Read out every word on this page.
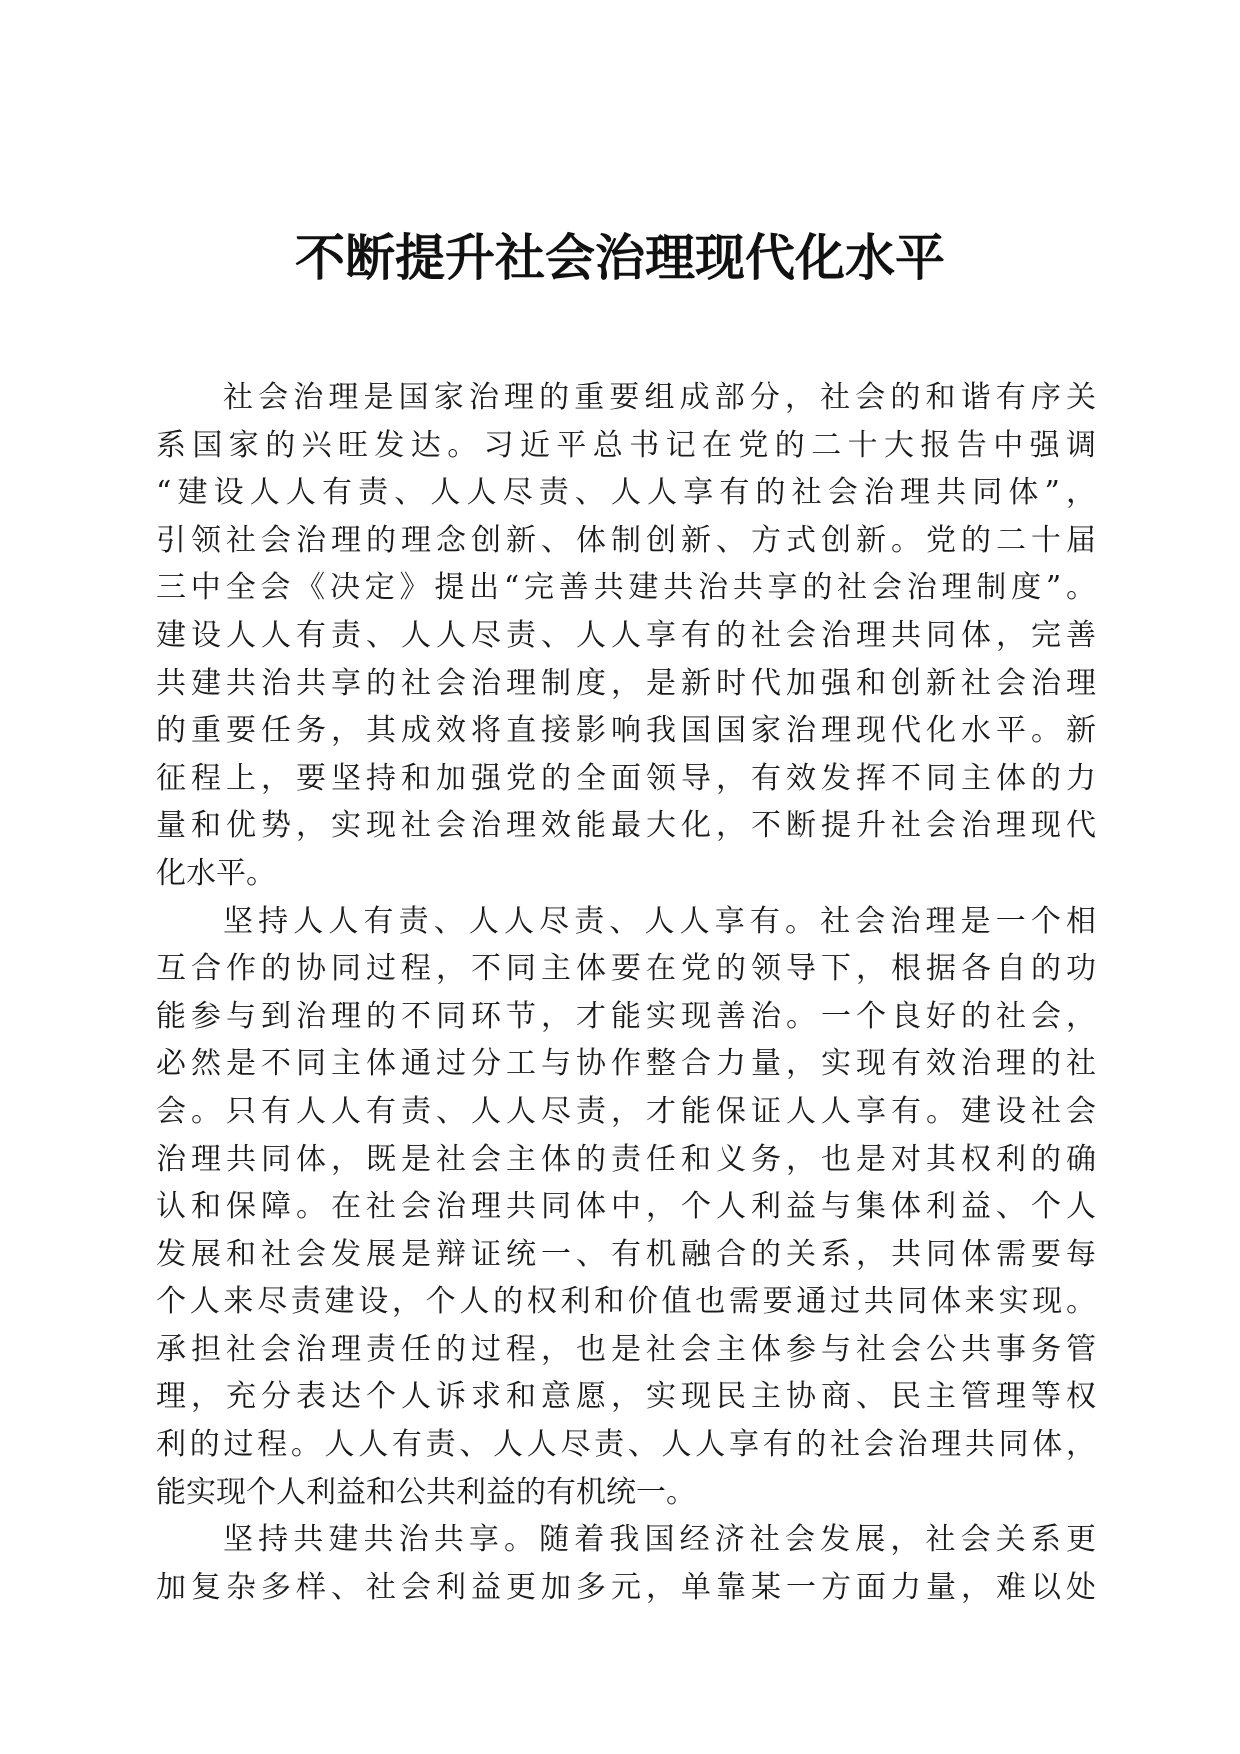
不断提升社会治理现代化水平
社会治理是国家治理的重要组成部分，社会的和谐有序关
系国家的兴旺发达。习近平总书记在党的二十大报告中强调
“建设人人有责、人人尽责、人人享有的社会治理共同体”，
引领社会治理的理念创新、体制创新、方式创新。党的二十届
三中全会《决定》提出“完善共建共治共享的社会治理制度”。
建设人人有责、人人尽责、人人享有的社会治理共同体，完善
共建共治共享的社会治理制度，是新时代加强和创新社会治理
的重要任务，其成效将直接影响我国国家治理现代化水平。新
征程上，要坚持和加强党的全面领导，有效发挥不同主体的力
量和优势，实现社会治理效能最大化，不断提升社会治理现代
化水平。
坚持人人有责、人人尽责、人人享有。社会治理是一个相
互合作的协同过程，不同主体要在党的领导下，根据各自的功
能参与到治理的不同环节，才能实现善治。一个良好的社会，
必然是不同主体通过分工与协作整合力量，实现有效治理的社
会。只有人人有责、人人尽责，才能保证人人享有。建设社会
治理共同体，既是社会主体的责任和义务，也是对其权利的确
认和保障。在社会治理共同体中，个人利益与集体利益、个人
发展和社会发展是辩证统一、有机融合的关系，共同体需要每
个人来尽责建设，个人的权利和价值也需要通过共同体来实现。
承担社会治理责任的过程，也是社会主体参与社会公共事务管
理，充分表达个人诉求和意愿，实现民主协商、民主管理等权
利的过程。人人有责、人人尽责、人人享有的社会治理共同体，
能实现个人利益和公共利益的有机统一。
坚持共建共治共享。随着我国经济社会发展，社会关系更
加复杂多样、社会利益更加多元，单靠某一方面力量，难以处
